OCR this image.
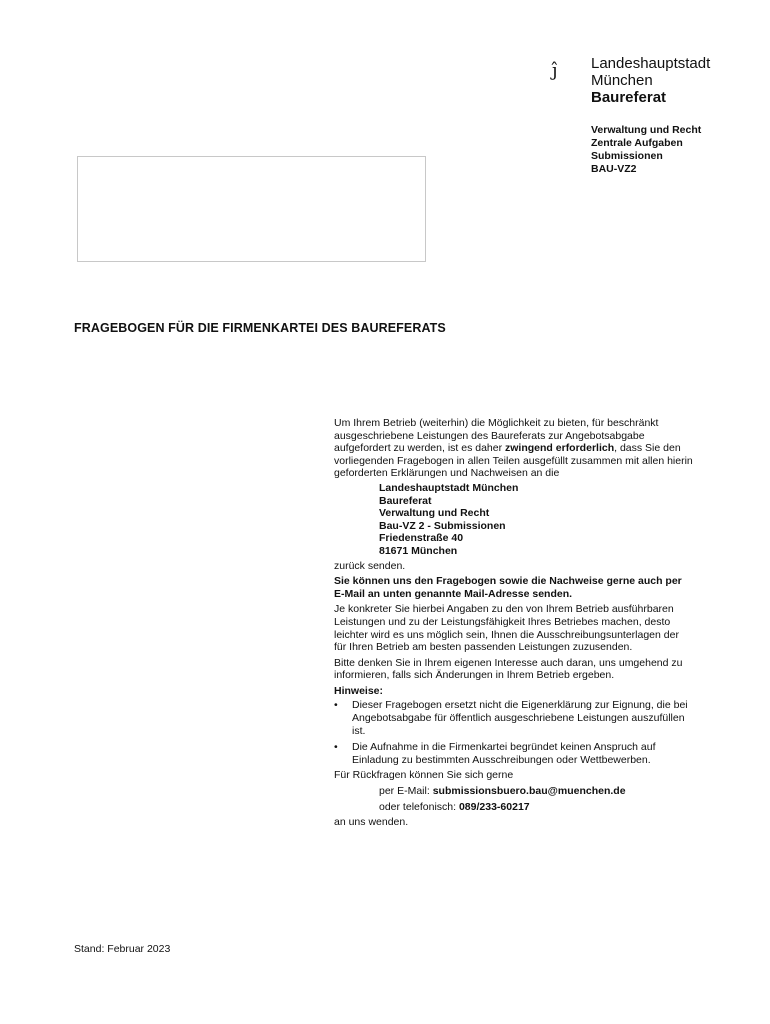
ĵ Landeshauptstadt
München
Baureferat
Verwaltung und Recht
Zentrale Aufgaben
Submissionen
BAU-VZ2
FRAGEBOGEN FÜR DIE FIRMENKARTEI DES BAUREFERATS

Um Ihrem Betrieb (weiterhin) die Möglichkeit zu bieten, für beschränkt ausgeschriebene Leistungen des Baureferats zur Angebotsabgabe aufgefordert zu werden, ist es daher zwingend erforderlich, dass Sie den vorliegenden Fragebogen in allen Teilen ausgefüllt zusammen mit allen hierin geforderten Erklärungen und Nachweisen an die

Landeshauptstadt München
Baureferat
Verwaltung und Recht
Bau-VZ 2 - Submissionen
Friedenstraße 40
81671 München

zurück senden.

Sie können uns den Fragebogen sowie die Nachweise gerne auch per E-Mail an unten genannte Mail-Adresse senden.

Je konkreter Sie hierbei Angaben zu den von Ihrem Betrieb ausführbaren Leistungen und zu der Leistungsfähigkeit Ihres Betriebes machen, desto leichter wird es uns möglich sein, Ihnen die Ausschreibungsunterlagen der für Ihren Betrieb am besten passenden Leistungen zuzusenden.

Bitte denken Sie in Ihrem eigenen Interesse auch daran, uns umgehend zu informieren, falls sich Änderungen in Ihrem Betrieb ergeben.

Hinweise:

•	Dieser Fragebogen ersetzt nicht die Eigenerklärung zur Eignung, die bei Angebotsabgabe für öffentlich ausgeschriebene Leistungen auszufüllen ist.
•	Die Aufnahme in die Firmenkartei begründet keinen Anspruch auf Einladung zu bestimmten Ausschreibungen oder Wettbewerben.

Für Rückfragen können Sie sich gerne

per E-Mail: submissionsbuero.bau@muenchen.de
oder telefonisch: 089/233-60217

an uns wenden.

Stand: Februar 2023
